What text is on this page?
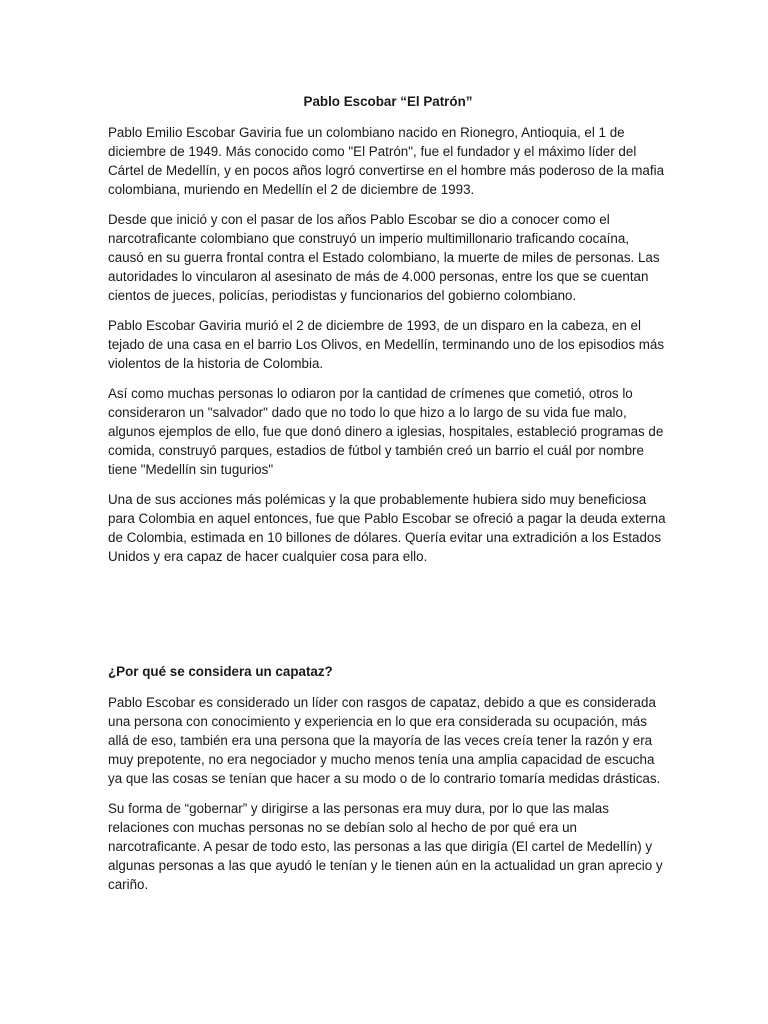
Pablo Escobar “El Patrón”

Pablo Emilio Escobar Gaviria fue un colombiano nacido en Rionegro, Antioquia, el 1 de diciembre de 1949. Más conocido como "El Patrón", fue el fundador y el máximo líder del Cártel de Medellín, y en pocos años logró convertirse en el hombre más poderoso de la mafia colombiana, muriendo en Medellín el 2 de diciembre de 1993.

Desde que inició y con el pasar de los años Pablo Escobar se dio a conocer como el narcotraficante colombiano que construyó un imperio multimillonario traficando cocaína, causó en su guerra frontal contra el Estado colombiano, la muerte de miles de personas. Las autoridades lo vincularon al asesinato de más de 4.000 personas, entre los que se cuentan cientos de jueces, policías, periodistas y funcionarios del gobierno colombiano.

Pablo Escobar Gaviria murió el 2 de diciembre de 1993, de un disparo en la cabeza, en el tejado de una casa en el barrio Los Olivos, en Medellín, terminando uno de los episodios más violentos de la historia de Colombia.

Así como muchas personas lo odiaron por la cantidad de crímenes que cometió, otros lo consideraron un "salvador" dado que no todo lo que hizo a lo largo de su vida fue malo, algunos ejemplos de ello, fue que donó dinero a iglesias, hospitales, estableció programas de comida, construyó parques, estadios de fútbol y también creó un barrio el cuál por nombre tiene "Medellín sin tugurios"

Una de sus acciones más polémicas y la que probablemente hubiera sido muy beneficiosa para Colombia en aquel entonces, fue que Pablo Escobar se ofreció a pagar la deuda externa de Colombia, estimada en 10 billones de dólares. Quería evitar una extradición a los Estados Unidos y era capaz de hacer cualquier cosa para ello.

¿Por qué se considera un capataz?

Pablo Escobar es considerado un líder con rasgos de capataz, debido a que es considerada una persona con conocimiento y experiencia en lo que era considerada su ocupación, más allá de eso, también era una persona que la mayoría de las veces creía tener la razón y era muy prepotente, no era negociador y mucho menos tenía una amplia capacidad de escucha ya que las cosas se tenían que hacer a su modo o de lo contrario tomaría medidas drásticas.

Su forma de “gobernar” y dirigirse a las personas era muy dura, por lo que las malas relaciones con muchas personas no se debían solo al hecho de por qué era un narcotraficante. A pesar de todo esto, las personas a las que dirigía (El cartel de Medellín) y algunas personas a las que ayudó le tenían y le tienen aún en la actualidad un gran aprecio y cariño.
